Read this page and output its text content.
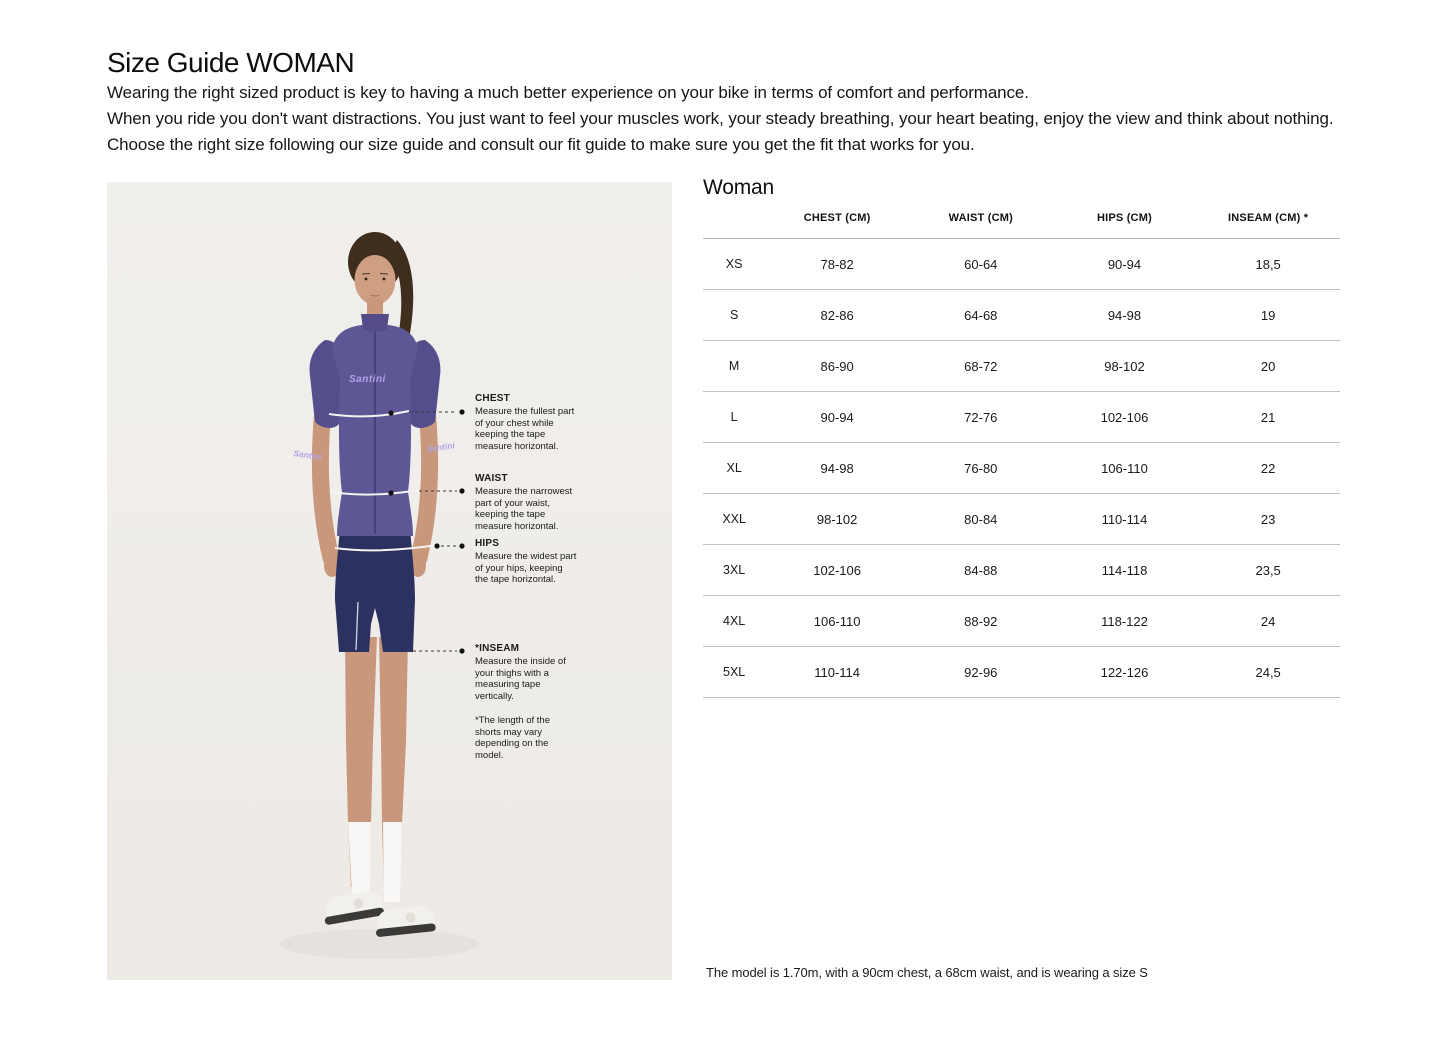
Size Guide WOMAN

Wearing the right sized product is key to having a much better experience on your bike in terms of comfort and performance.

When you ride you don't want distractions. You just want to feel your muscles work, your steady breathing, your heart beating, enjoy the view and think about nothing.

Choose the right size following our size guide and consult our fit guide to make sure you get the fit that works for you.

Santini
Santini
Santini

CHEST

Measure the fullest part of your chest while keeping the tape measure horizontal.

WAIST

Measure the narrowest part of your waist, keeping the tape measure horizontal.

HIPS

Measure the widest part of your hips, keeping the tape horizontal.

*INSEAM

Measure the inside of your thighs with a measuring tape vertically.

*The length of the shorts may vary depending on the model.

Woman
	CHEST (CM)	WAIST (CM)	HIPS (CM)	INSEAM (CM) *
XS	78-82	60-64	90-94	18,5
S	82-86	64-68	94-98	19
M	86-90	68-72	98-102	20
L	90-94	72-76	102-106	21
XL	94-98	76-80	106-110	22
XXL	98-102	80-84	110-114	23
3XL	102-106	84-88	114-118	23,5
4XL	106-110	88-92	118-122	24
5XL	110-114	92-96	122-126	24,5
The model is 1.70m, with a 90cm chest, a 68cm waist, and is wearing a size S
